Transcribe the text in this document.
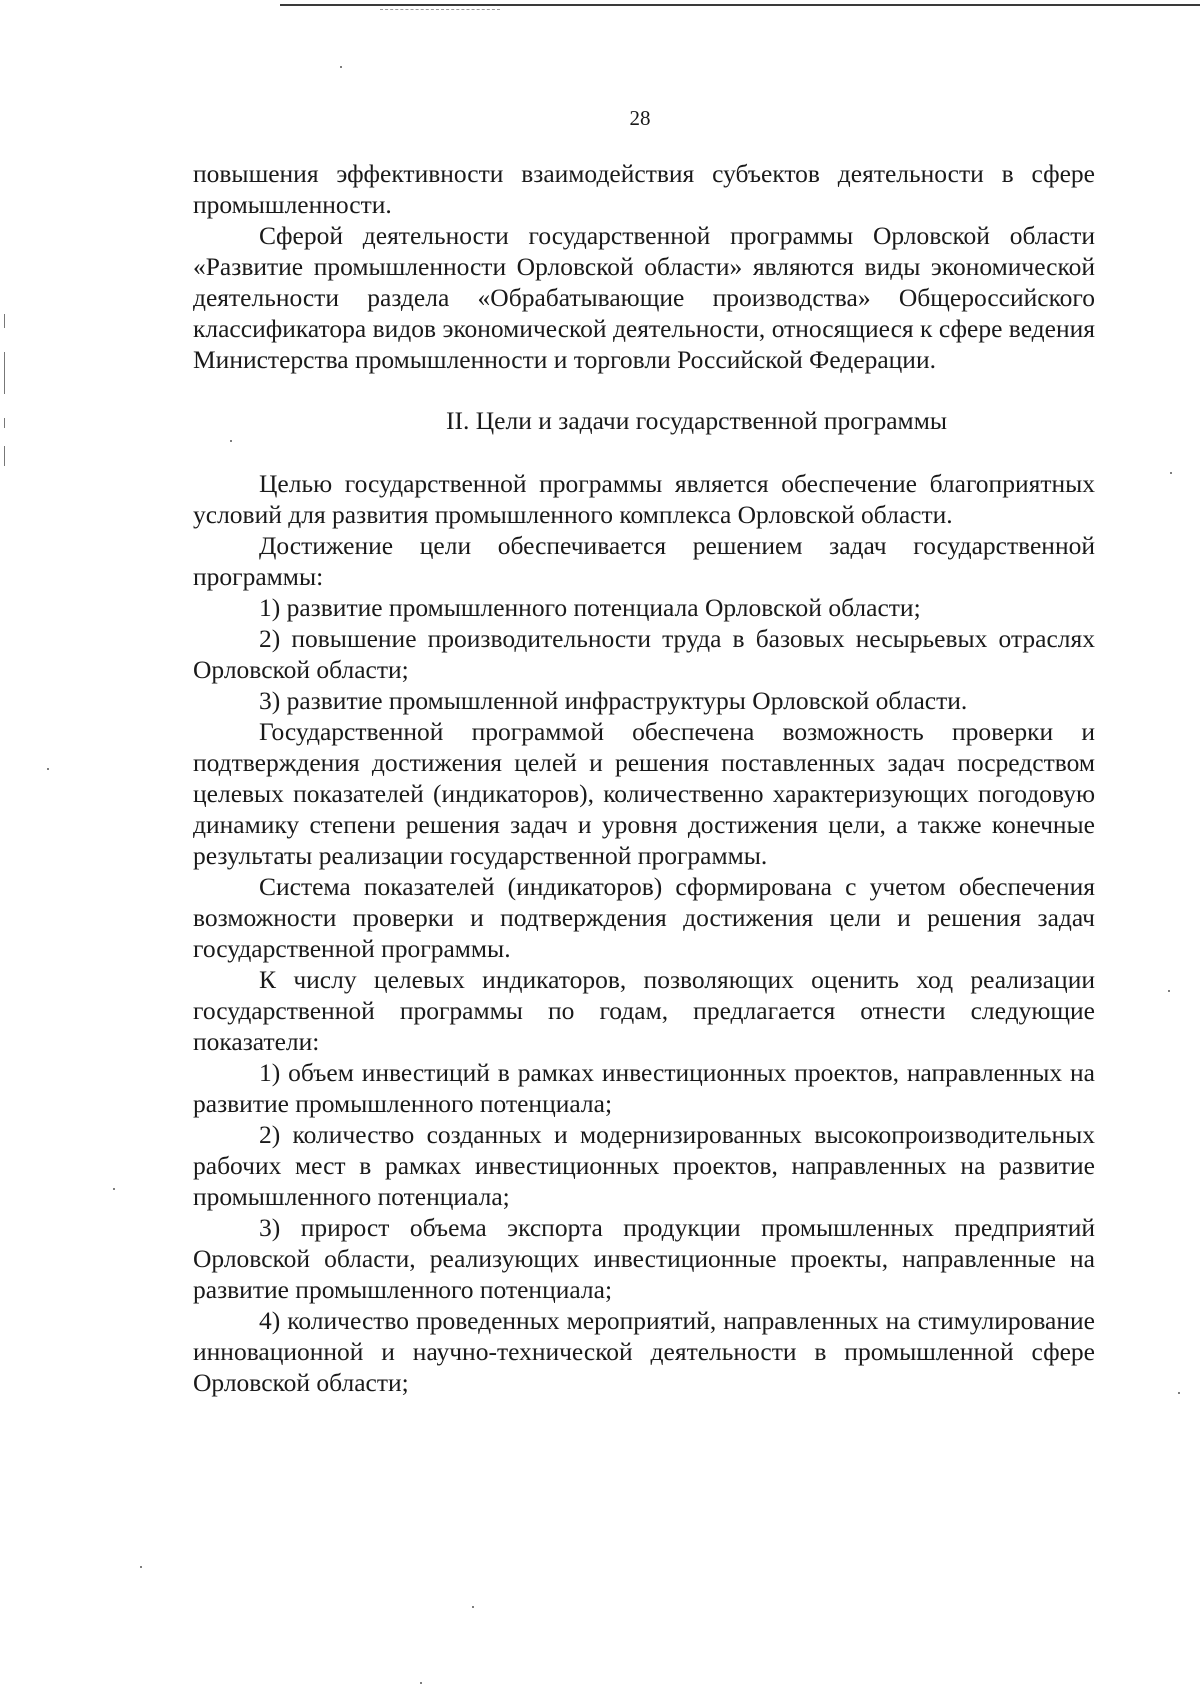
28

повышения эффективности взаимодействия субъектов деятельности в сфере промышленности.

Сферой деятельности государственной программы Орловской области «Развитие промышленности Орловской области» являются виды экономической деятельности раздела «Обрабатывающие производства» Общероссийского классификатора видов экономической деятельности, относящиеся к сфере ведения Министерства промышленности и торговли Российской Федерации.

II. Цели и задачи государственной программы

Целью государственной программы является обеспечение благоприятных условий для развития промышленного комплекса Орловской области.

Достижение цели обеспечивается решением задач государственной программы:

1) развитие промышленного потенциала Орловской области;

2) повышение производительности труда в базовых несырьевых отраслях Орловской области;

3) развитие промышленной инфраструктуры Орловской области.

Государственной программой обеспечена возможность проверки и подтверждения достижения целей и решения поставленных задач посредством целевых показателей (индикаторов), количественно характеризующих погодовую динамику степени решения задач и уровня достижения цели, а также конечные результаты реализации государственной программы.

Система показателей (индикаторов) сформирована с учетом обеспечения возможности проверки и подтверждения достижения цели и решения задач государственной программы.

К числу целевых индикаторов, позволяющих оценить ход реализации государственной программы по годам, предлагается отнести следующие показатели:

1) объем инвестиций в рамках инвестиционных проектов, направленных на развитие промышленного потенциала;

2) количество созданных и модернизированных высокопроизводительных рабочих мест в рамках инвестиционных проектов, направленных на развитие промышленного потенциала;

3) прирост объема экспорта продукции промышленных предприятий Орловской области, реализующих инвестиционные проекты, направленные на развитие промышленного потенциала;

4) количество проведенных мероприятий, направленных на стимулирование инновационной и научно-технической деятельности в промышленной сфере Орловской области;
